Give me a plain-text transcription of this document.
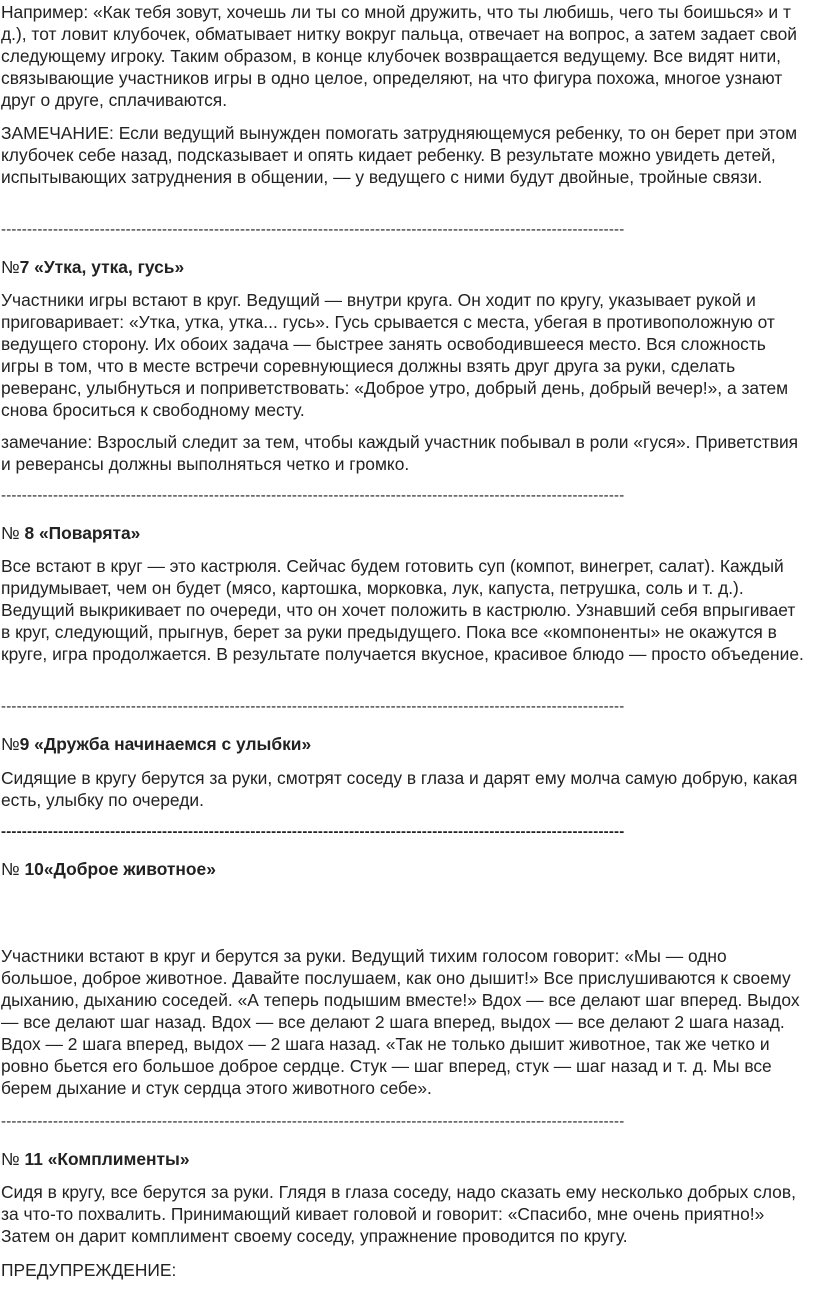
Например: «Как тебя зовут, хочешь ли ты со мной дружить, что ты любишь, чего ты боишься» и т д.), тот ловит клубочек, обматывает нитку вокруг пальца, отвечает на вопрос, а затем задает свой следующему игроку. Таким образом, в конце клубочек возвращается ведущему. Все видят нити, связывающие участников игры в одно целое, определяют, на что фигура похожа, многое узнают друг о друге, сплачиваются.

ЗАМЕЧАНИЕ: Если ведущий вынужден помогать затрудняющемуся ребенку, то он берет при этом клубочек себе назад, подсказывает и опять кидает ребенку. В результате можно увидеть детей, испытывающих затруднения в общении, — у ведущего с ними будут двойные, тройные связи.

------------------------------------------------------------------------------------------------------------------------

№7 «Утка, утка, гусь»

Участники игры встают в круг. Ведущий — внутри круга. Он ходит по кругу, указывает рукой и приговаривает: «Утка, утка, утка... гусь». Гусь срывается с места, убегая в противоположную от ведущего сторону. Их обоих задача — быстрее занять освободившееся место. Вся сложность игры в том, что в месте встречи соревнующиеся должны взять друг друга за руки, сделать реверанс, улыбнуться и поприветствовать: «Доброе утро, добрый день, добрый вечер!», а затем снова броситься к свободному месту.

замечание: Взрослый следит за тем, чтобы каждый участник побывал в роли «гуся». Приветствия и реверансы должны выполняться четко и громко.

------------------------------------------------------------------------------------------------------------------------

№ 8 «Поварята»

Все встают в круг — это кастрюля. Сейчас будем готовить суп (компот, винегрет, салат). Каждый придумывает, чем он будет (мясо, картошка, морковка, лук, капуста, петрушка, соль и т. д.). Ведущий выкрикивает по очереди, что он хочет положить в кастрюлю. Узнавший себя впрыгивает в круг, следующий, прыгнув, берет за руки предыдущего. Пока все «компоненты» не окажутся в круге, игра продолжается. В результате получается вкусное, красивое блюдо — просто объедение.

------------------------------------------------------------------------------------------------------------------------

№9 «Дружба начинаемся с улыбки»

Сидящие в кругу берутся за руки, смотрят соседу в глаза и дарят ему молча самую добрую, какая есть, улыбку по очереди.

------------------------------------------------------------------------------------------------------------------------

№ 10«Доброе животное»

Участники встают в круг и берутся за руки. Ведущий тихим голосом говорит: «Мы — одно большое, доброе животное. Давайте послушаем, как оно дышит!» Все прислушиваются к своему дыханию, дыханию соседей. «А теперь подышим вместе!» Вдох — все делают шаг вперед. Выдох — все делают шаг назад. Вдох — все делают 2 шага вперед, выдох — все делают 2 шага назад. Вдох — 2 шага вперед, выдох — 2 шага назад. «Так не только дышит животное, так же четко и ровно бьется его большое доброе сердце. Стук — шаг вперед, стук — шаг назад и т. д. Мы все берем дыхание и стук сердца этого животного себе».

------------------------------------------------------------------------------------------------------------------------

№ 11 «Комплименты»

Сидя в кругу, все берутся за руки. Глядя в глаза соседу, надо сказать ему несколько добрых слов, за что-то похвалить. Принимающий кивает головой и говорит: «Спасибо, мне очень приятно!» Затем он дарит комплимент своему соседу, упражнение проводится по кругу.

ПРЕДУПРЕЖДЕНИЕ:
